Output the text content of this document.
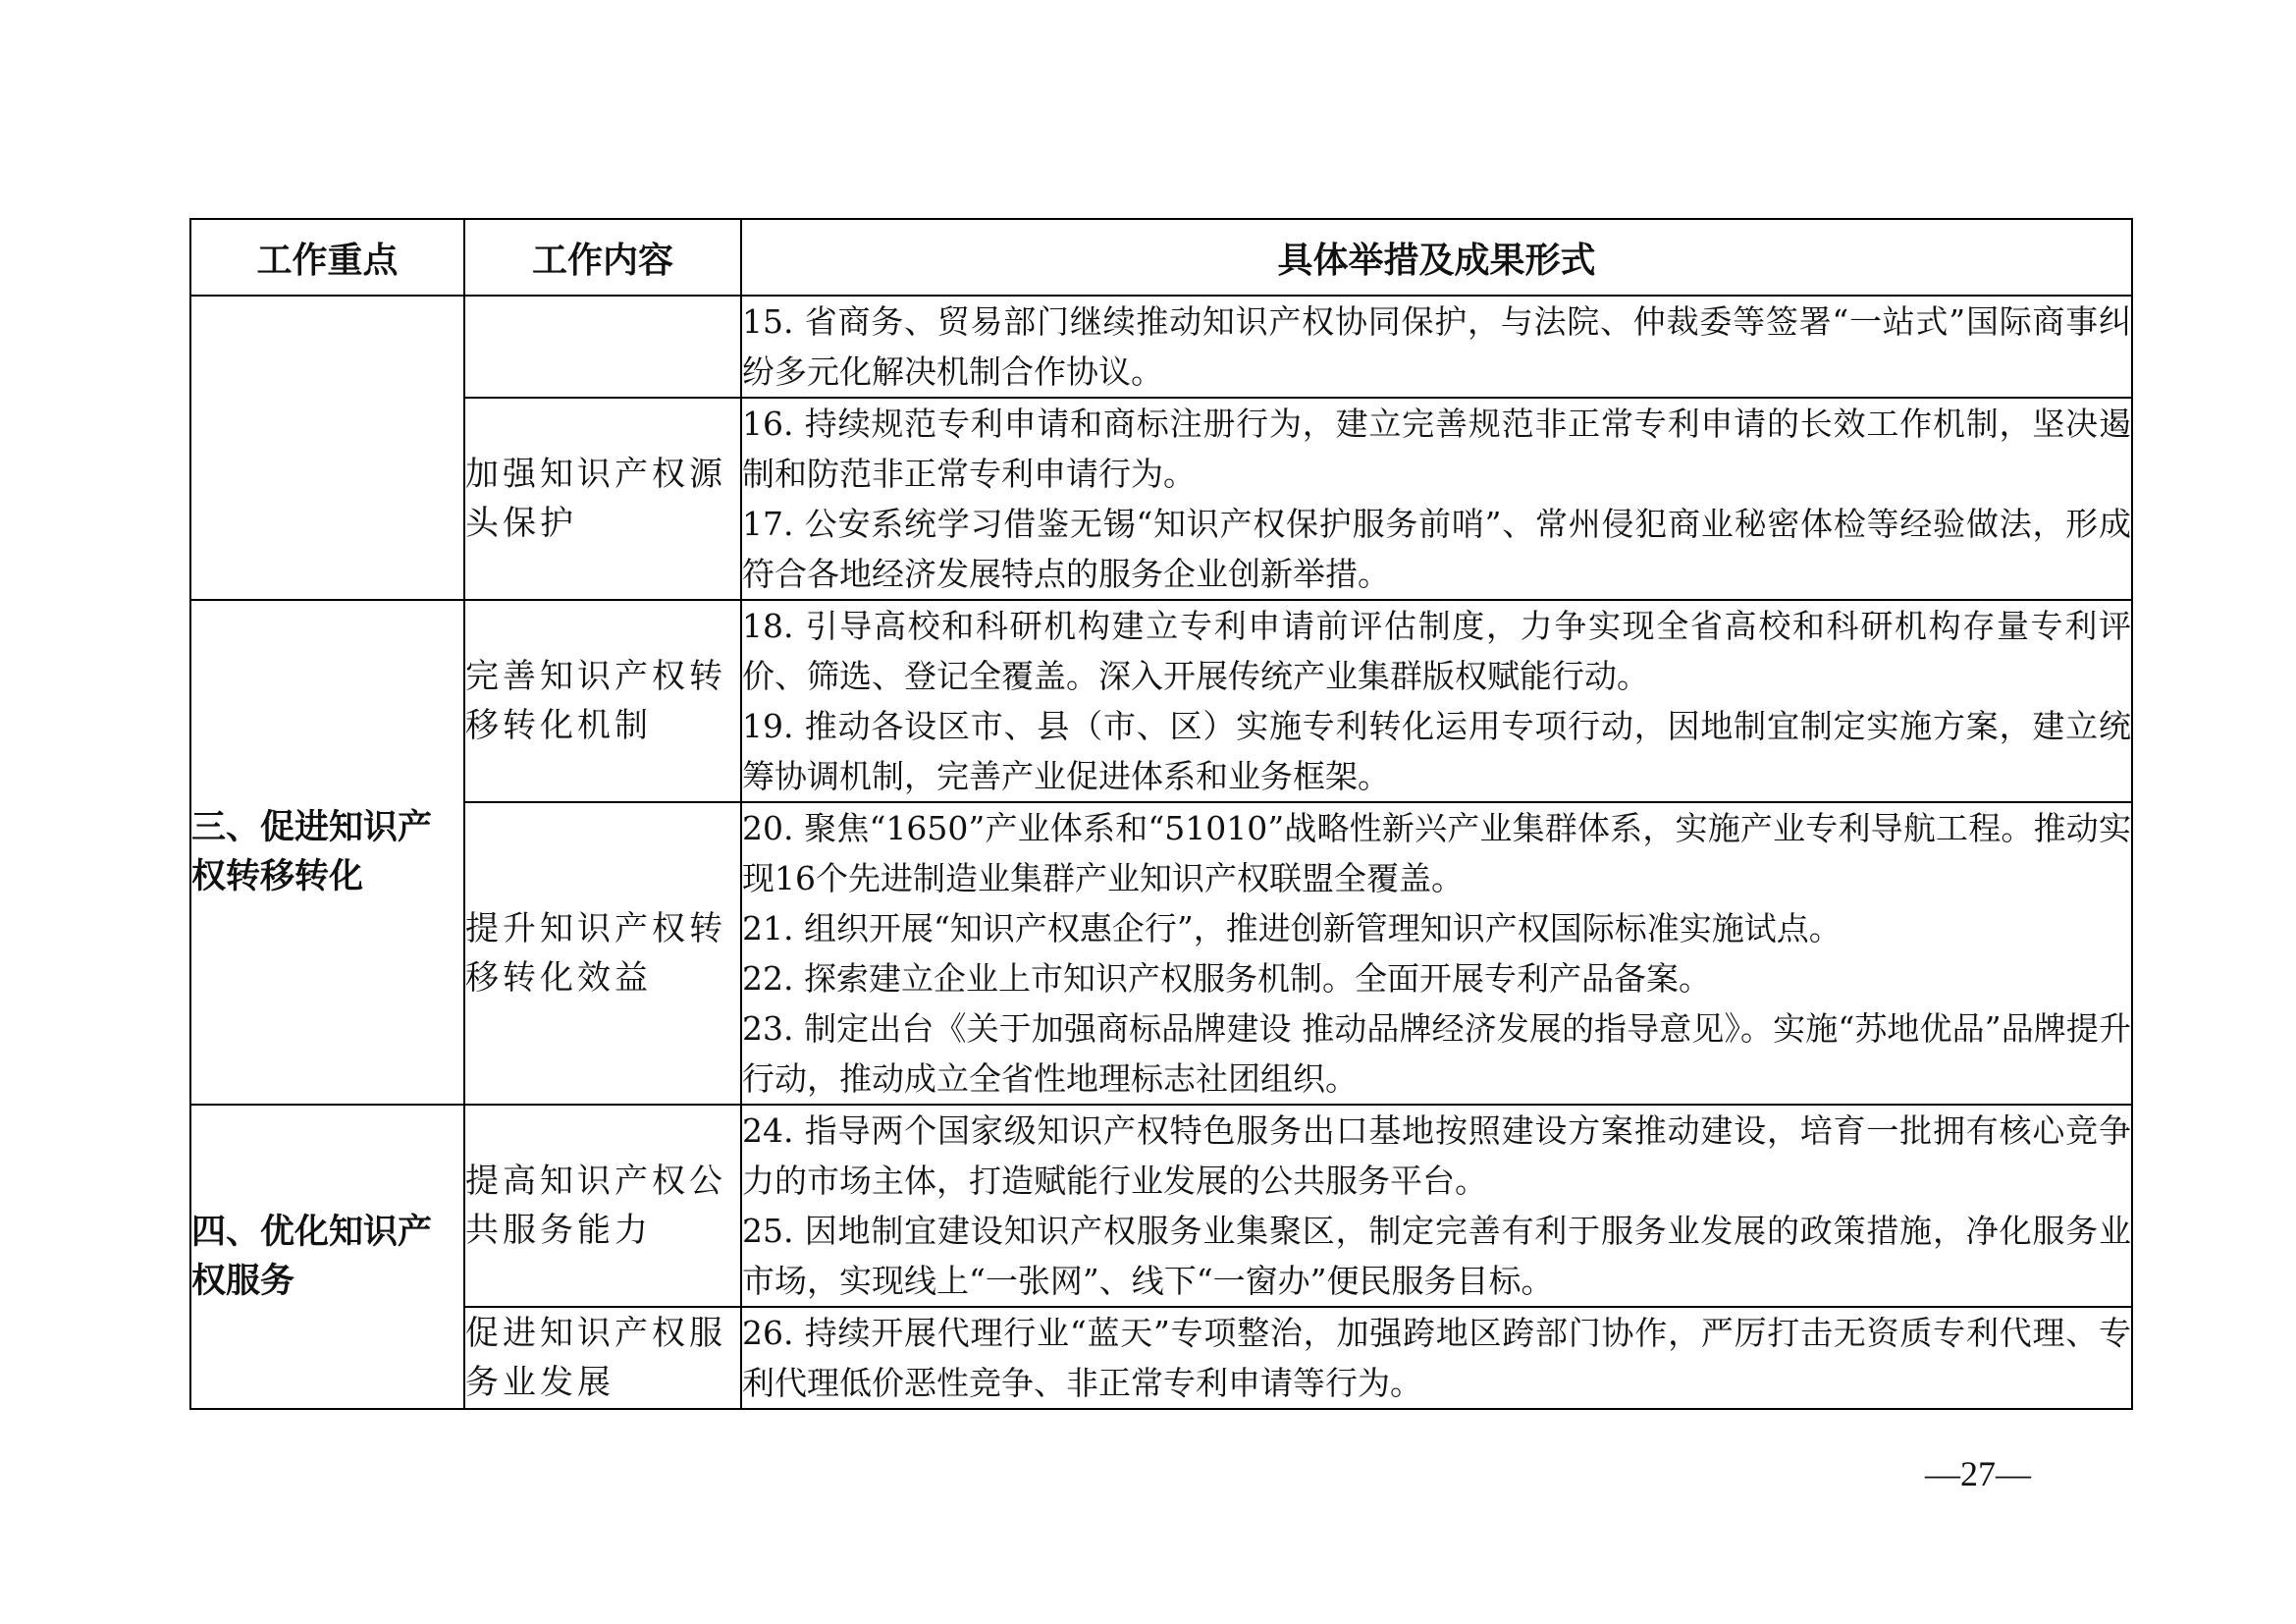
工作重点	工作内容	具体举措及成果形式

		15. 省商务、贸易部门继续推动知识产权协同保护，与法院、仲裁委等签署“一站式”国际商事纠纷多元化解决机制合作协议。

	加强知识产权源头保护	16. 持续规范专利申请和商标注册行为，建立完善规范非正常专利申请的长效工作机制，坚决遏制和防范非正常专利申请行为。

17. 公安系统学习借鉴无锡“知识产权保护服务前哨”、常州侵犯商业秘密体检等经验做法，形成符合各地经济发展特点的服务企业创新举措。

三、促进知识产权转移转化	完善知识产权转移转化机制	18. 引导高校和科研机构建立专利申请前评估制度，力争实现全省高校和科研机构存量专利评价、筛选、登记全覆盖。深入开展传统产业集群版权赋能行动。

19. 推动各设区市、县（市、区）实施专利转化运用专项行动，因地制宜制定实施方案，建立统筹协调机制，完善产业促进体系和业务框架。

	提升知识产权转移转化效益	20. 聚焦“1650”产业体系和“51010”战略性新兴产业集群体系，实施产业专利导航工程。推动实现16个先进制造业集群产业知识产权联盟全覆盖。

21. 组织开展“知识产权惠企行”，推进创新管理知识产权国际标准实施试点。

22. 探索建立企业上市知识产权服务机制。全面开展专利产品备案。

23. 制定出台《关于加强商标品牌建设 推动品牌经济发展的指导意见》。实施“苏地优品”品牌提升行动，推动成立全省性地理标志社团组织。

四、优化知识产权服务	提高知识产权公共服务能力	24. 指导两个国家级知识产权特色服务出口基地按照建设方案推动建设，培育一批拥有核心竞争力的市场主体，打造赋能行业发展的公共服务平台。

25. 因地制宜建设知识产权服务业集聚区，制定完善有利于服务业发展的政策措施，净化服务业市场，实现线上“一张网”、线下“一窗办”便民服务目标。

	促进知识产权服务业发展	26. 持续开展代理行业“蓝天”专项整治，加强跨地区跨部门协作，严厉打击无资质专利代理、专利代理低价恶性竞争、非正常专利申请等行为。

—27—
